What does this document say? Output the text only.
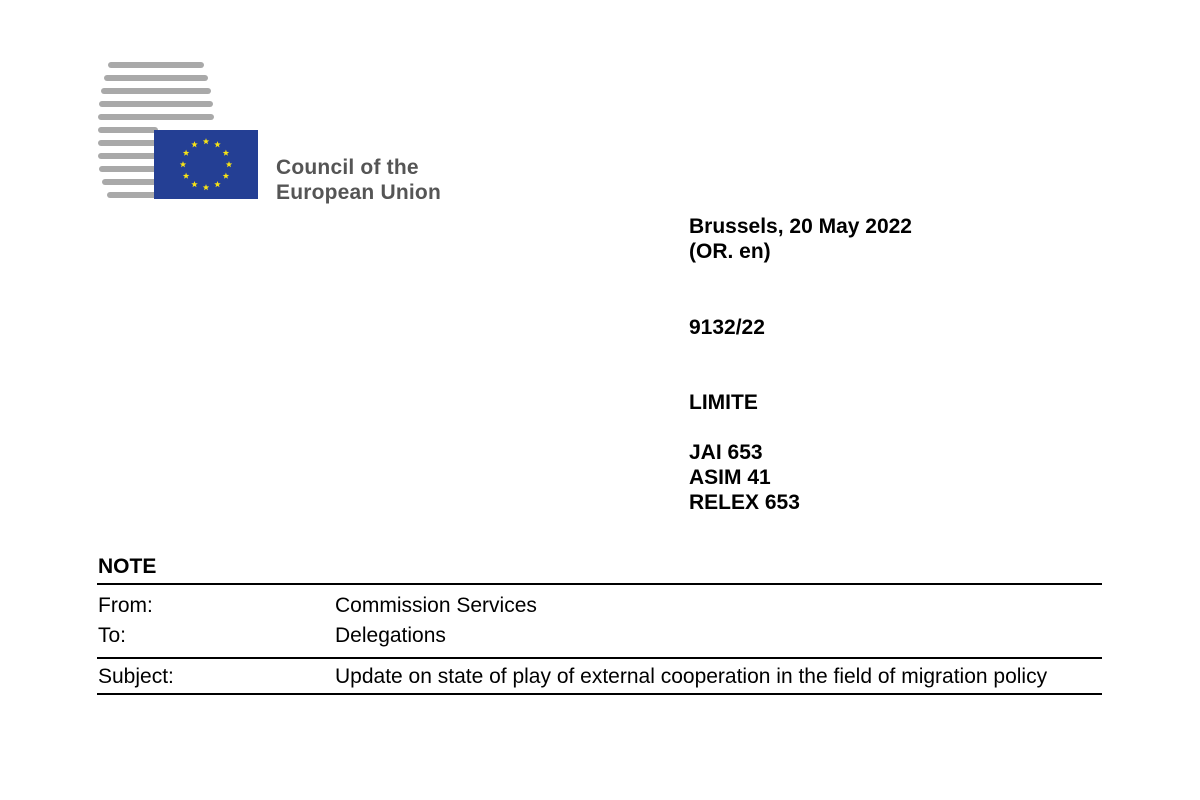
Council of the
European Union
Brussels, 20 May 2022
(OR. en)
9132/22
LIMITE
JAI 653
ASIM 41
RELEX 653
NOTE
From:	Commission Services
To:	Delegations
Subject:	Update on state of play of external cooperation in the field of migration policy
